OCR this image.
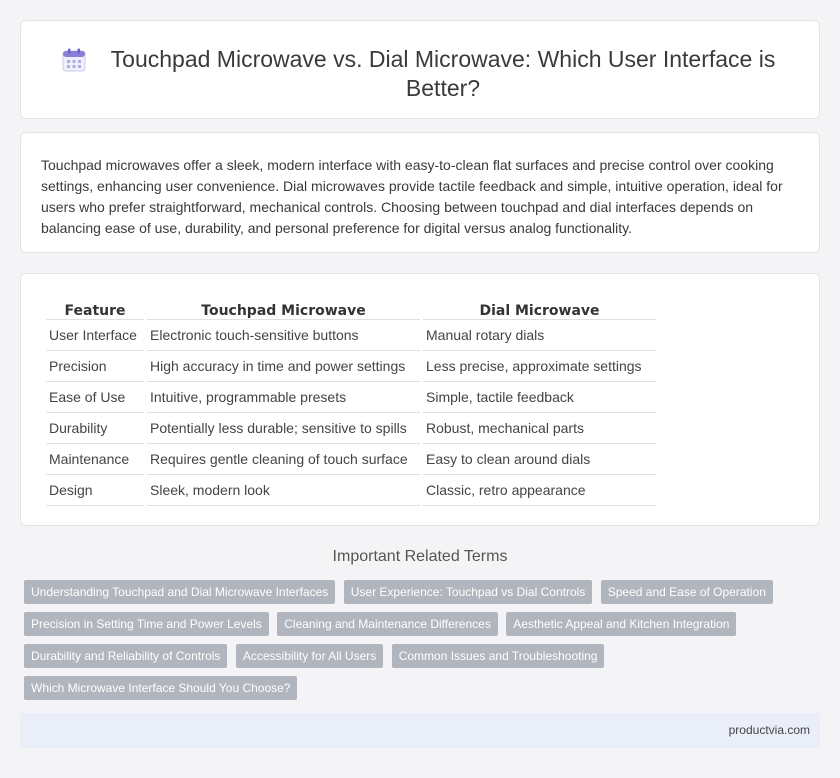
Touchpad Microwave vs. Dial Microwave: Which User Interface is Better?

Touchpad microwaves offer a sleek, modern interface with easy-to-clean flat surfaces and precise control over cooking settings, enhancing user convenience. Dial microwaves provide tactile feedback and simple, intuitive operation, ideal for users who prefer straightforward, mechanical controls. Choosing between touchpad and dial interfaces depends on balancing ease of use, durability, and personal preference for digital versus analog functionality.

Feature	Touchpad Microwave	Dial Microwave
User Interface	Electronic touch-sensitive buttons	Manual rotary dials
Precision	High accuracy in time and power settings	Less precise, approximate settings
Ease of Use	Intuitive, programmable presets	Simple, tactile feedback
Durability	Potentially less durable; sensitive to spills	Robust, mechanical parts
Maintenance	Requires gentle cleaning of touch surface	Easy to clean around dials
Design	Sleek, modern look	Classic, retro appearance
Important Related Terms
Understanding Touchpad and Dial Microwave Interfaces User Experience: Touchpad vs Dial Controls Speed and Ease of Operation Precision in Setting Time and Power Levels Cleaning and Maintenance Differences Aesthetic Appeal and Kitchen Integration Durability and Reliability of Controls Accessibility for All Users Common Issues and Troubleshooting Which Microwave Interface Should You Choose?
productvia.com
